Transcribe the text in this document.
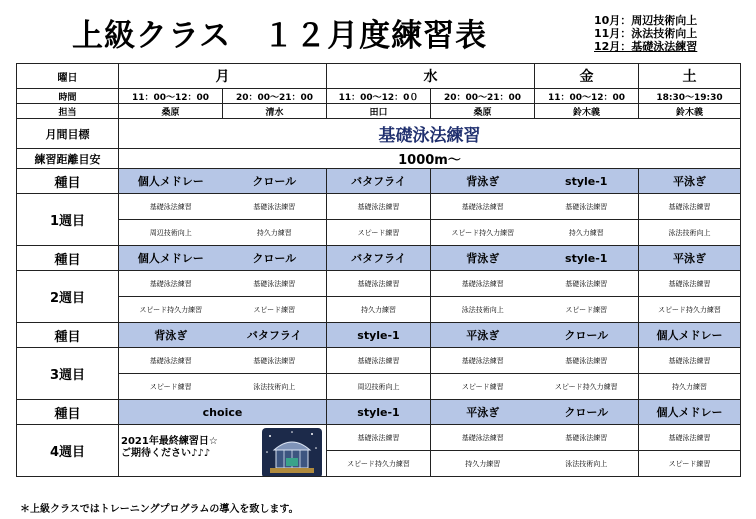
上級クラス　１２月度練習表	10月：周辺技術向上
11月：泳法技術向上
12月：基礎泳法練習
曜日	月		水		金	土
時間	11：00〜12：00	20：00〜21：00	11：00〜12：0０	20：00〜21：00	11：00〜12：00	18:30〜19:30
担当	桑原	清水	田口	桑原	鈴木義	鈴木義
月間目標	基礎泳法練習					
練習距離目安	1000m〜					
種目	個人メドレー	クロール	バタフライ	背泳ぎ	style-1	平泳ぎ
1週目	基礎泳法練習	基礎泳法練習	基礎泳法練習	基礎泳法練習	基礎泳法練習	基礎泳法練習
	周辺技術向上	持久力練習	スピード練習	スピード持久力練習	持久力練習	泳法技術向上
種目	個人メドレー	クロール	バタフライ	背泳ぎ	style-1	平泳ぎ
2週目	基礎泳法練習	基礎泳法練習	基礎泳法練習	基礎泳法練習	基礎泳法練習	基礎泳法練習
	スピード持久力練習	スピード練習	持久力練習	泳法技術向上	スピード練習	スピード持久力練習
種目	背泳ぎ	バタフライ	style-1	平泳ぎ	クロール	個人メドレー
3週目	基礎泳法練習	基礎泳法練習	基礎泳法練習	基礎泳法練習	基礎泳法練習	基礎泳法練習
	スピード練習	泳法技術向上	周辺技術向上	スピード練習	スピード持久力練習	持久力練習
種目	choice		style-1	平泳ぎ	クロール	個人メドレー
4週目	2021年最終練習日☆
ご期待ください♪♪♪		基礎泳法練習	基礎泳法練習	基礎泳法練習	基礎泳法練習
			スピード持久力練習	持久力練習	泳法技術向上	スピード練習
＊上級クラスではトレーニングプログラムの導入を致します。
